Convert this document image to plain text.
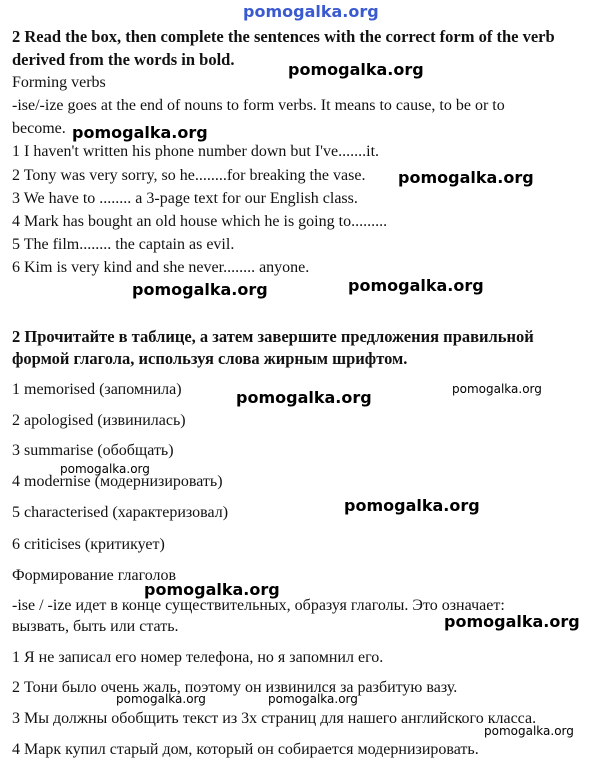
pomogalka.org
2 Read the box, then complete the sentences with the correct form of the verb
derived from the words in bold.
Forming verbs
-ise/-ize goes at the end of nouns to form verbs. It means to cause, to be or to
become.
1 I haven't written his phone number down but I've.......it.
2 Tony was very sorry, so he........for breaking the vase.
3 We have to ........ a 3-page text for our English class.
4 Mark has bought an old house which he is going to.........
5 The film........ the captain as evil.
6 Kim is very kind and she never........ anyone.
2 Прочитайте в таблице, а затем завершите предложения правильной
формой глагола, используя слова жирным шрифтом.
1 memorised (запомнила)
2 apologised (извинилась)
3 summarise (обобщать)
4 modernise (модернизировать)
5 characterised (характеризовал)
6 criticises (критикует)
Формирование глаголов
-ise / -ize идет в конце существительных, образуя глаголы. Это означает:
вызвать, быть или стать.
1 Я не записал его номер телефона, но я запомнил его.
2 Тони было очень жаль, поэтому он извинился за разбитую вазу.
3 Мы должны обобщить текст из 3х страниц для нашего английского класса.
4 Марк купил старый дом, который он собирается модернизировать.
pomogalka.org
pomogalka.org
pomogalka.org
pomogalka.org	pomogalka.org
pomogalka.org	pomogalka.org
pomogalka.org
pomogalka.org
pomogalka.org
pomogalka.org
pomogalka.org	pomogalka.org
pomogalka.org
